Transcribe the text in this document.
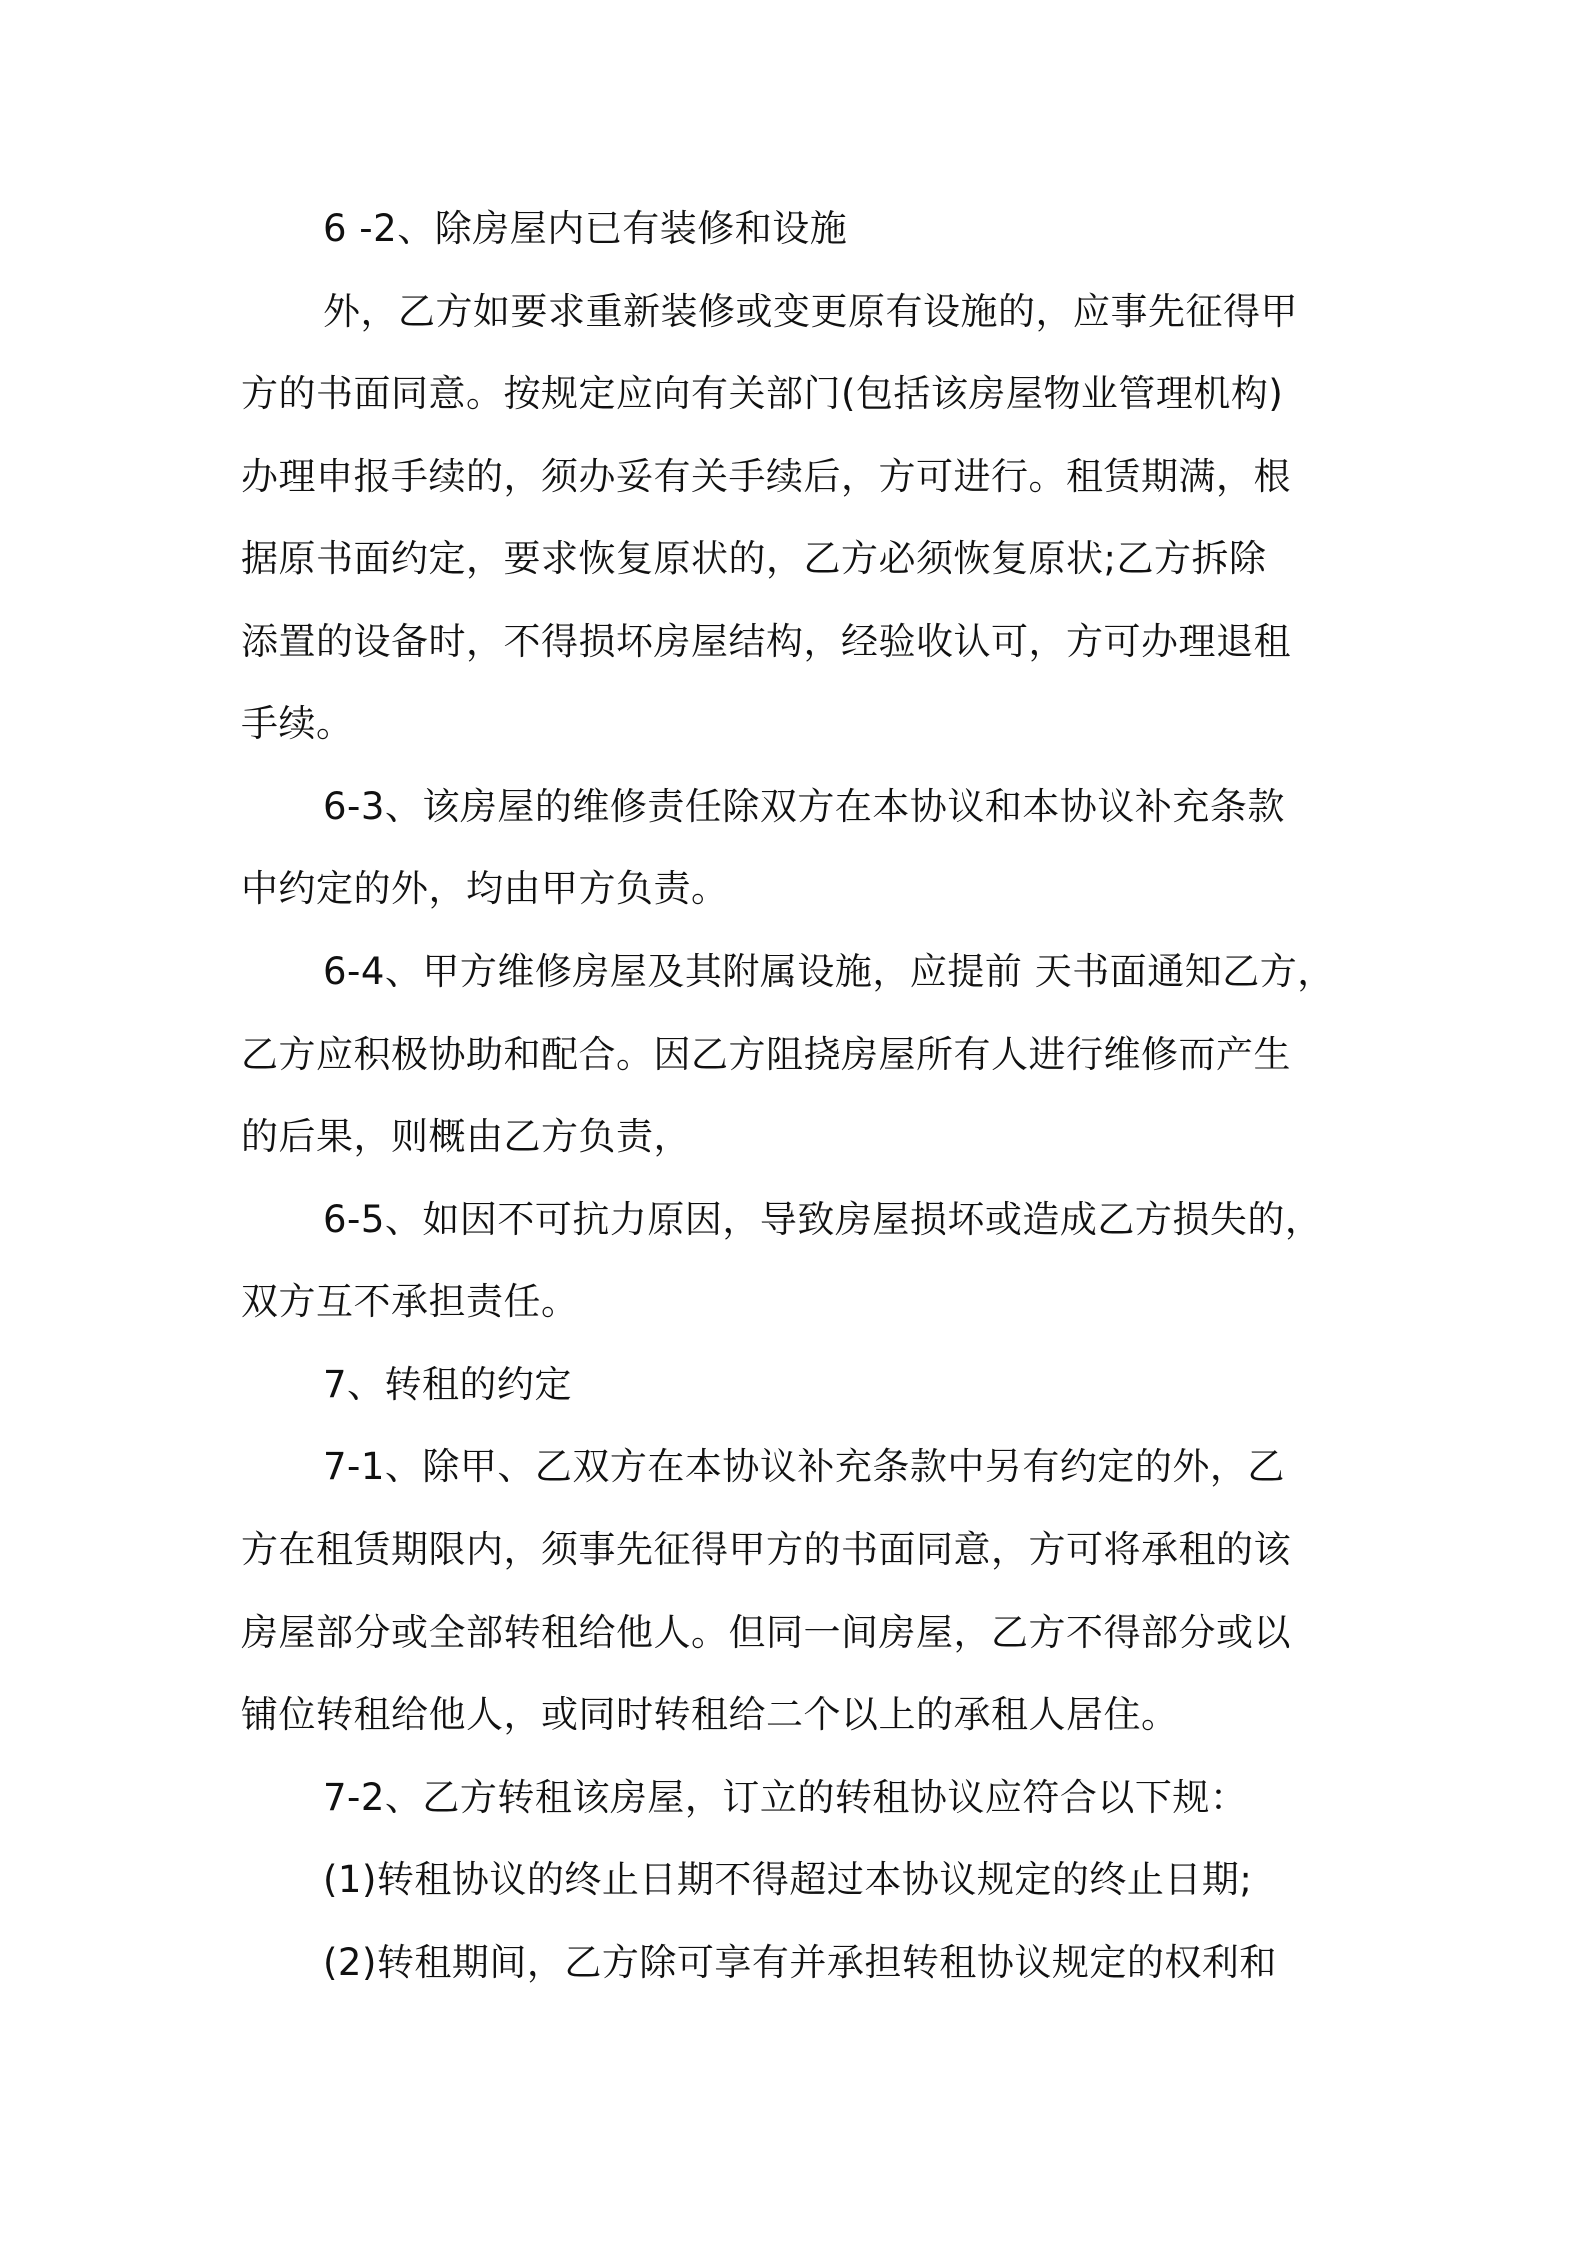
6 -2、除房屋内已有装修和设施
外，乙方如要求重新装修或变更原有设施的，应事先征得甲
方的书面同意。按规定应向有关部门(包括该房屋物业管理机构)
办理申报手续的，须办妥有关手续后，方可进行。租赁期满，根
据原书面约定，要求恢复原状的，乙方必须恢复原状;乙方拆除
添置的设备时，不得损坏房屋结构，经验收认可，方可办理退租
手续。
6-3、该房屋的维修责任除双方在本协议和本协议补充条款
中约定的外，均由甲方负责。
6-4、甲方维修房屋及其附属设施，应提前 天书面通知乙方，
乙方应积极协助和配合。因乙方阻挠房屋所有人进行维修而产生
的后果，则概由乙方负责，
6-5、如因不可抗力原因，导致房屋损坏或造成乙方损失的，
双方互不承担责任。
7、转租的约定
7-1、除甲、乙双方在本协议补充条款中另有约定的外，乙
方在租赁期限内，须事先征得甲方的书面同意，方可将承租的该
房屋部分或全部转租给他人。但同一间房屋，乙方不得部分或以
铺位转租给他人，或同时转租给二个以上的承租人居住。
7-2、乙方转租该房屋，订立的转租协议应符合以下规：
(1)转租协议的终止日期不得超过本协议规定的终止日期;
(2)转租期间，乙方除可享有并承担转租协议规定的权利和
